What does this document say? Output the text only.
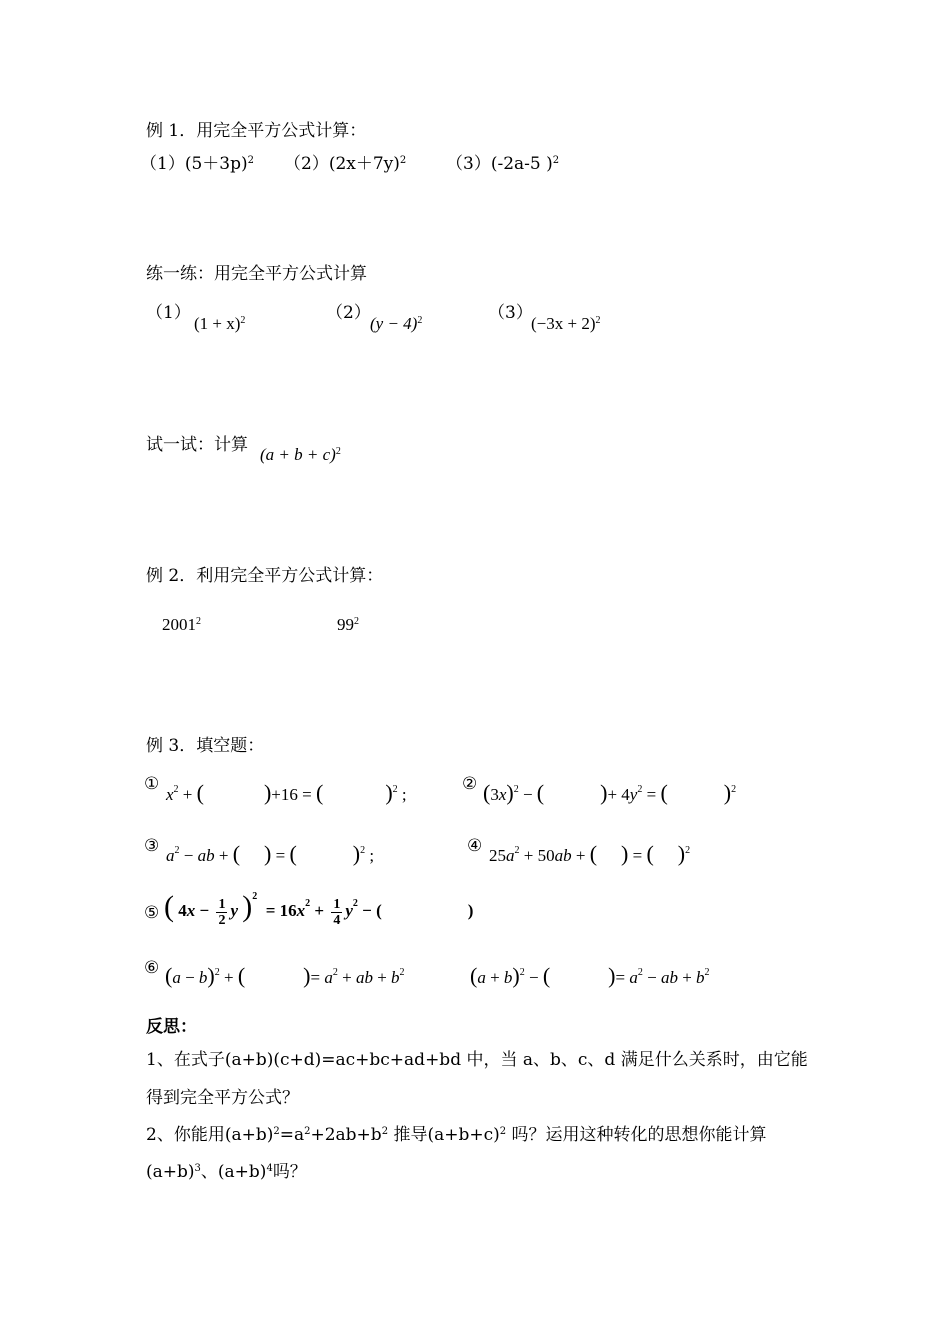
例 1．用完全平方公式计算：
$(1)(5+3p)^2$ $(2)(2x+7y)^2$ （3）(-2a-5 )$^2$
练一练：用完全平方公式计算
（1）
$(1 + x)^2$	（2）
$(y - 4)^2$	（3）
$(-3x + 2)^2$
试一试：计算 $(a + b + c)^2$
例 2．利用完全平方公式计算：
2001$^2$	$99^2$
例 3．填空题：
①
$x^2$ + (	)+16 = (	)$^2$ ;
② $(3x)^2$ − (	)+ $4y^2$ = (	)$^2$
③ $a^2$ − ab + ( ) = (	)$^2$ ;	④ $25a^2 + 50ab$ + ( ) = ( )$^2$
⑤ ( $4x - \frac{1}{2}$ y )$^2 = 16x^2 + \frac{1}{4} y^2$ − (	)
⑥ $(a - b)^2$ + (	)= $a^2$ + ab + $b^2$	$(a + b)^2$ − (	)= $a^2$ − ab + $b^2$
反思：
1、在式子(a+b)(c+d)=ac+bc+ad+bd 中，当 a、b、c、d 满足什么关系时，由它能
得到完全平方公式？
2、你能用$(a+b)^2=a^2+2ab+b^2$ 推导$(a+b+c)^2$ 吗？运用这种转化的思想你能计算
$(a+b)^3$、$(a+b)^4$吗？
